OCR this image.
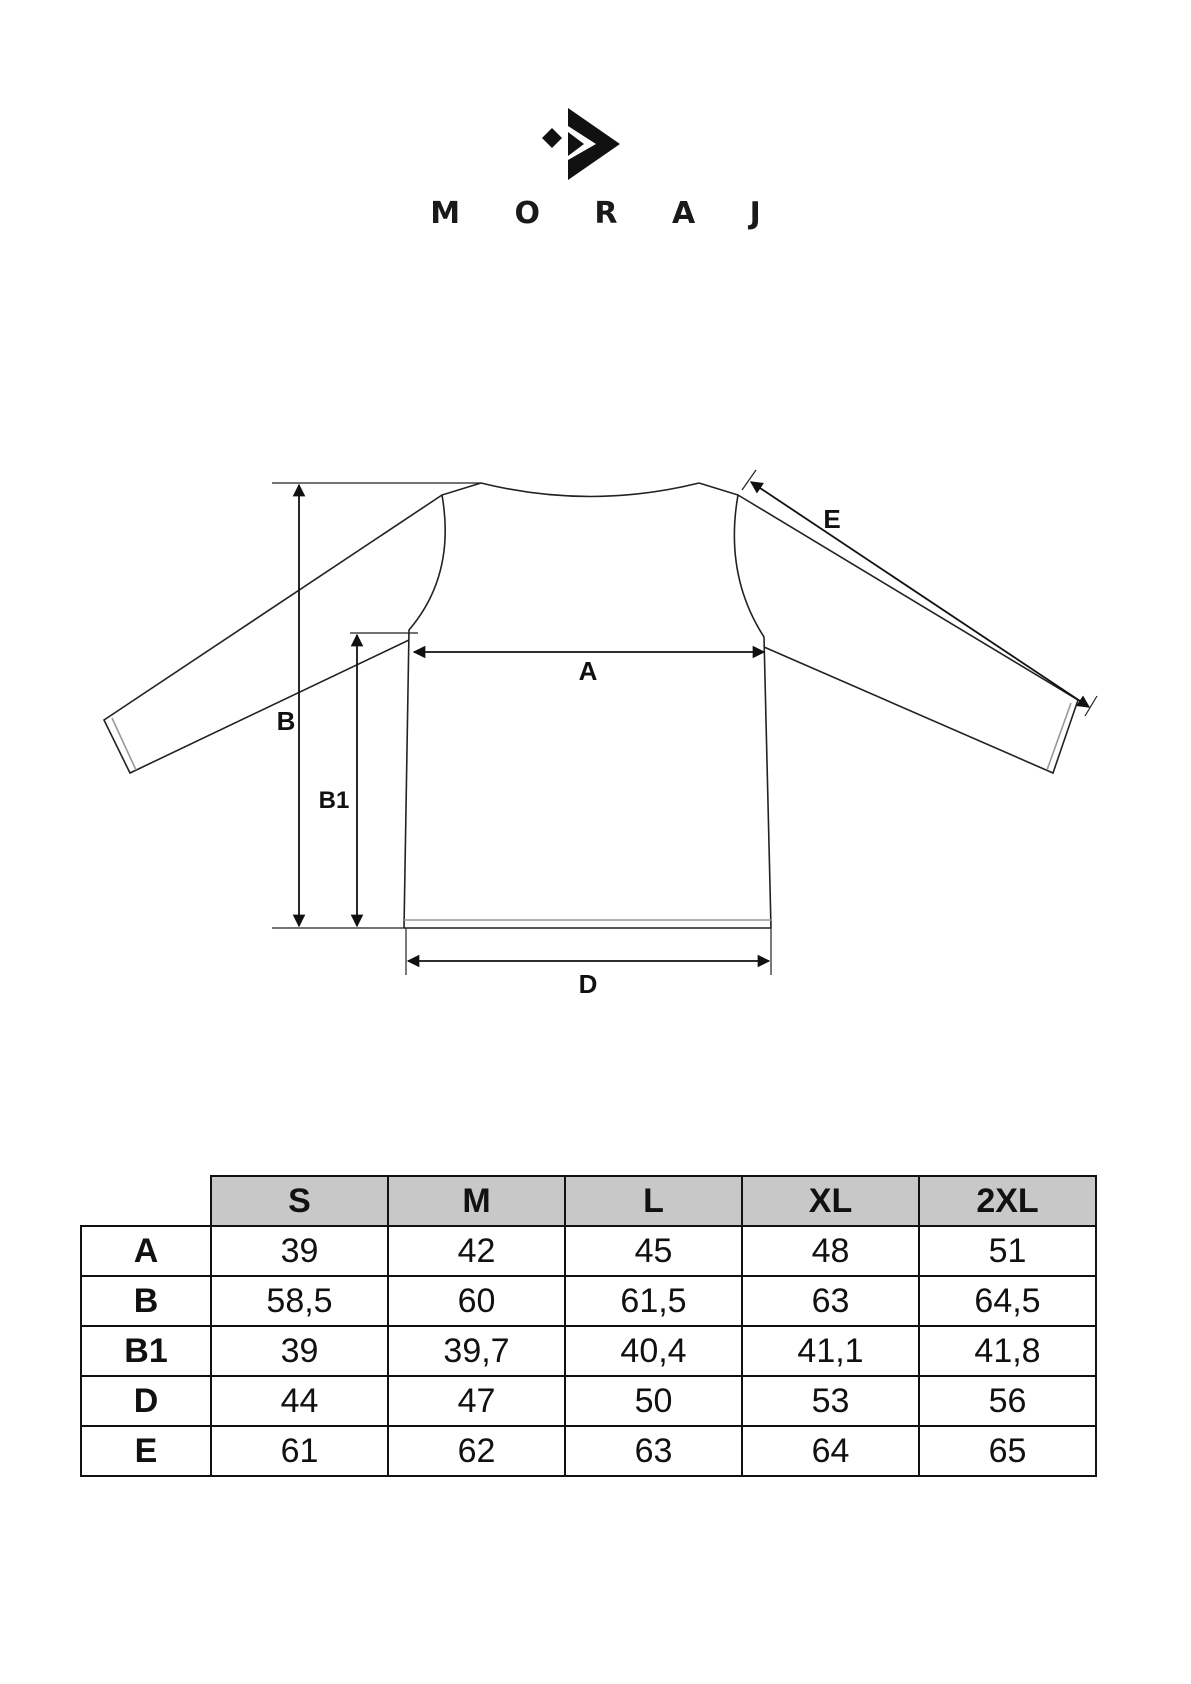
M O R A J
A
B
B1
D
E
	S	M	L	XL	2XL
A	39	42	45	48	51
B	58,5	60	61,5	63	64,5
B1	39	39,7	40,4	41,1	41,8
D	44	47	50	53	56
E	61	62	63	64	65
